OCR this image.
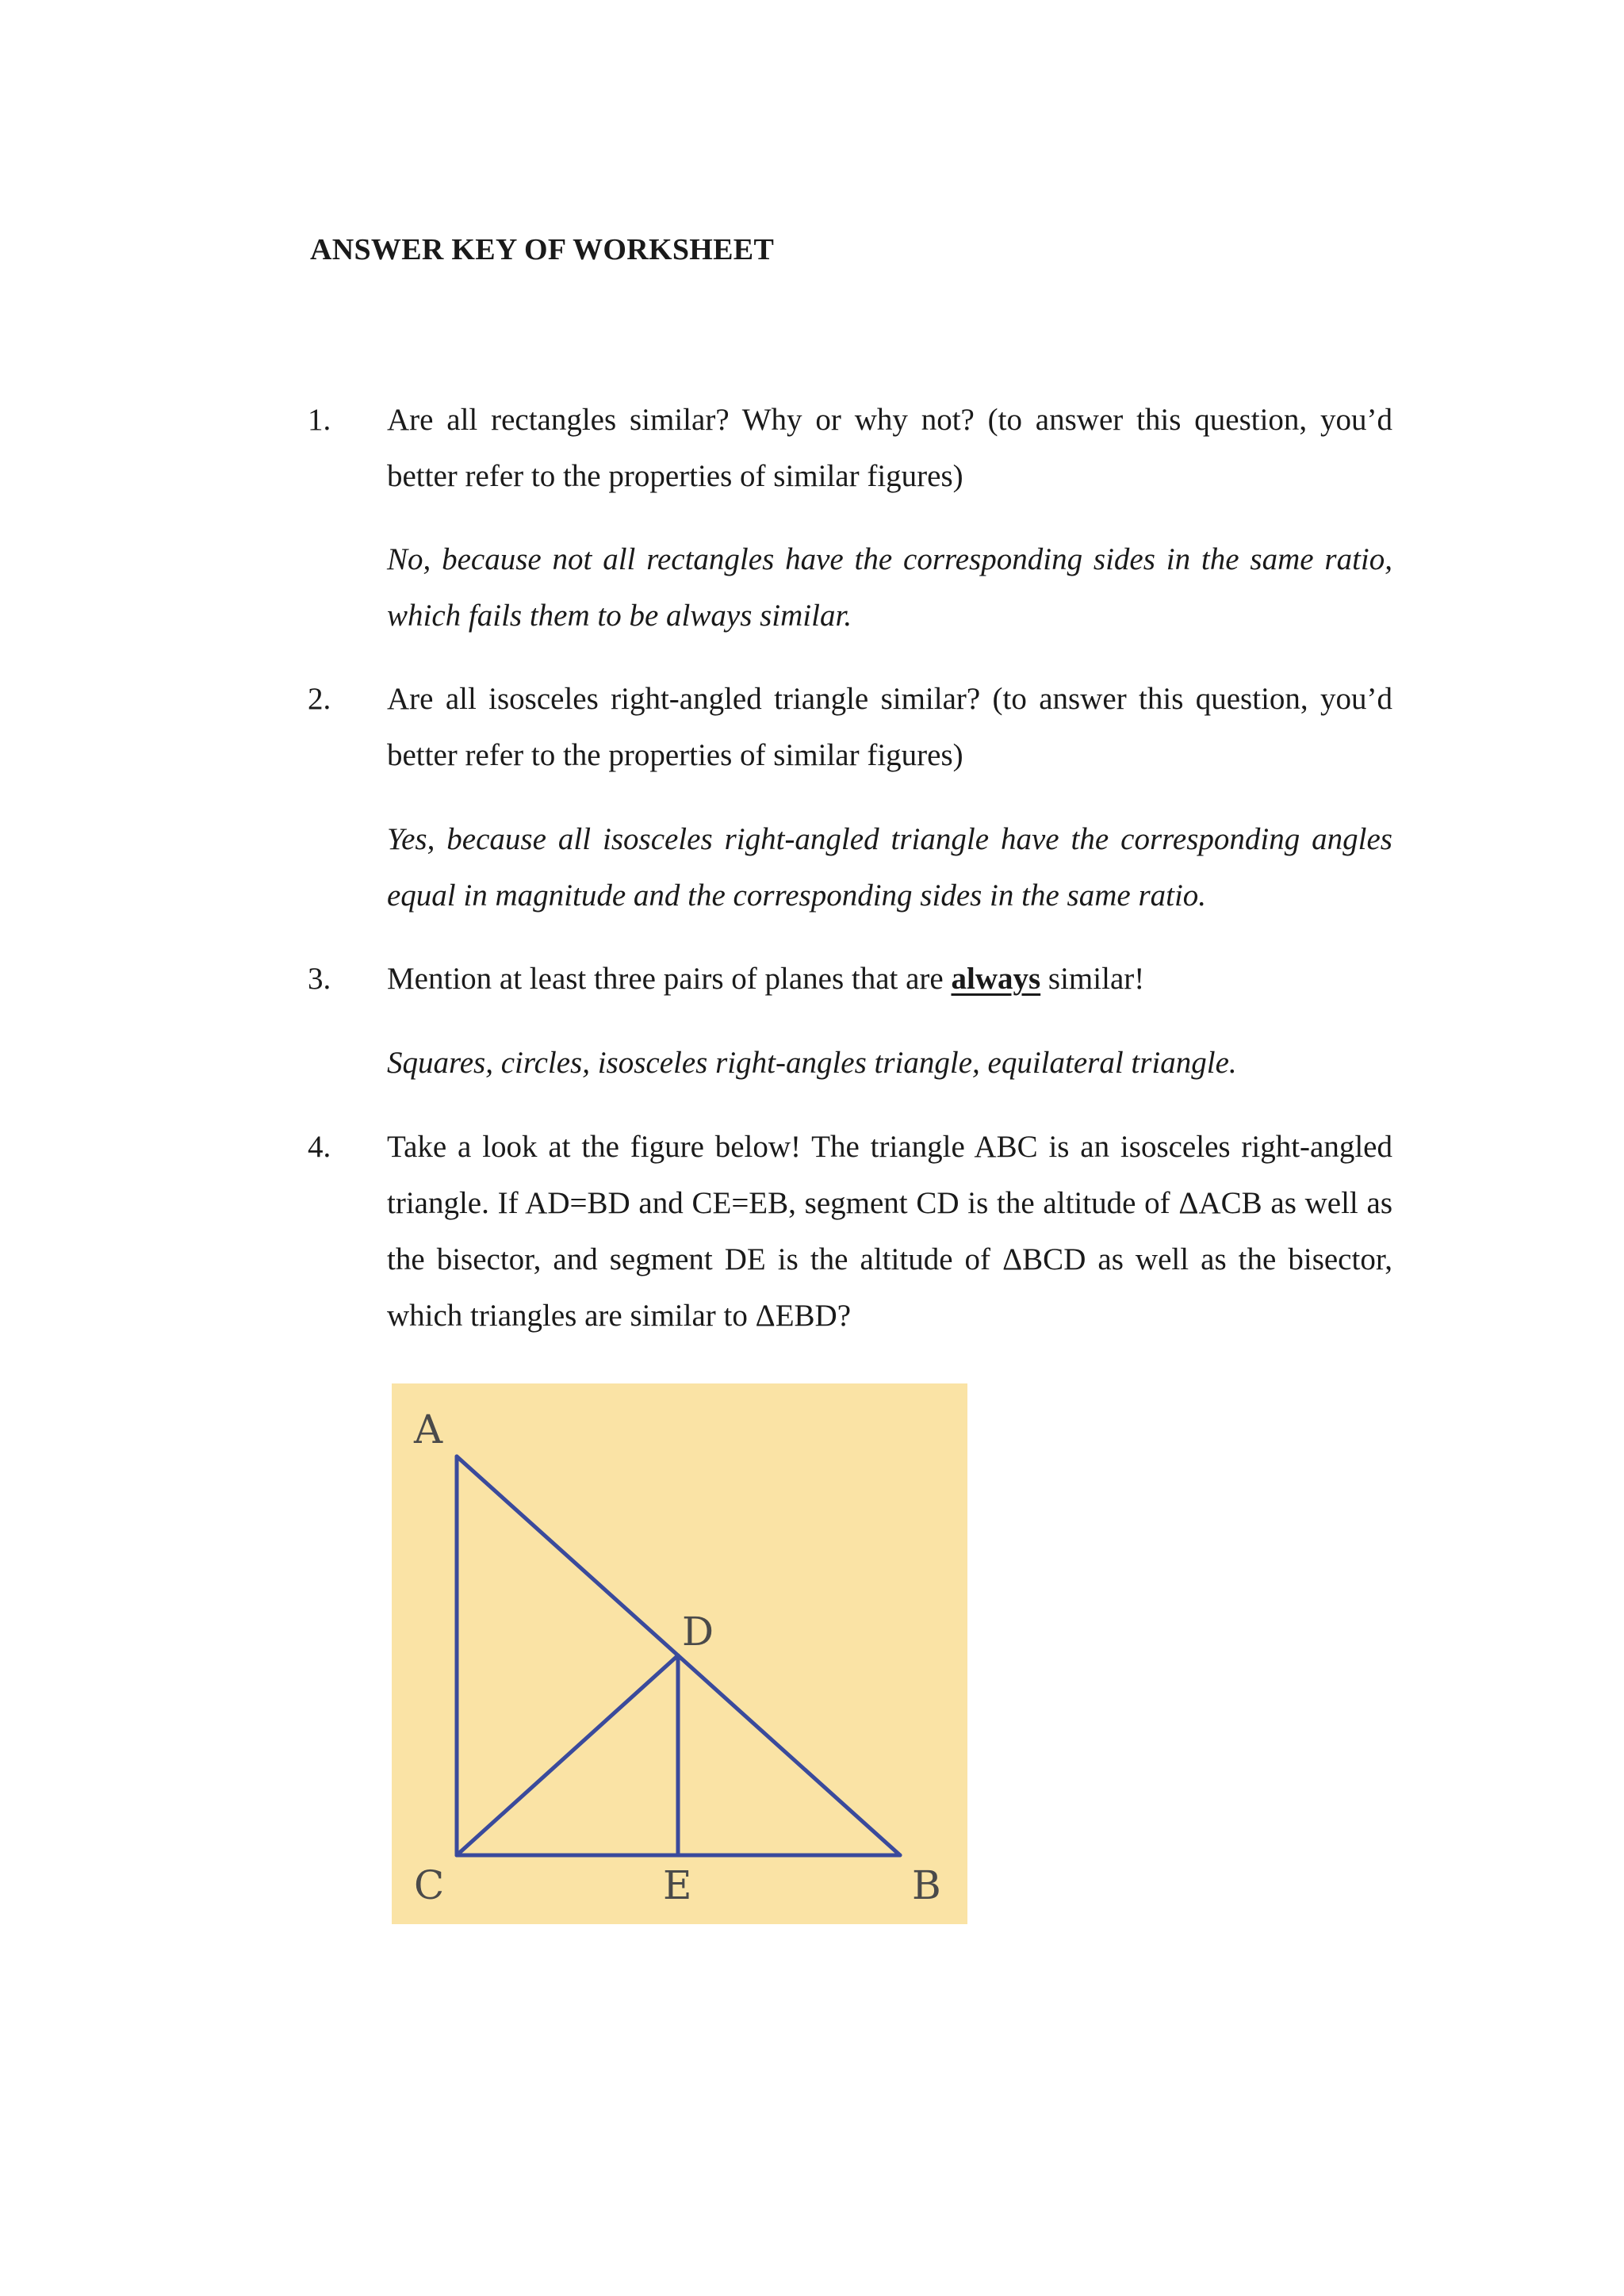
ANSWER KEY OF WORKSHEET
1. Are all rectangles similar? Why or why not? (to answer this question, you’d better refer to the properties of similar figures)
No, because not all rectangles have the corresponding sides in the same ratio, which fails them to be always similar.
2. Are all isosceles right-angled triangle similar? (to answer this question, you’d better refer to the properties of similar figures)
Yes, because all isosceles right-angled triangle have the corresponding angles equal in magnitude and the corresponding sides in the same ratio.
3. Mention at least three pairs of planes that are always similar!
Squares, circles, isosceles right-angles triangle, equilateral triangle.
4. Take a look at the figure below! The triangle ABC is an isosceles right-angled triangle. If AD=BD and CE=EB, segment CD is the altitude of ΔACB as well as the bisector, and segment DE is the altitude of ΔBCD as well as the bisector, which triangles are similar to ΔEBD?
A
D
C	E	B
